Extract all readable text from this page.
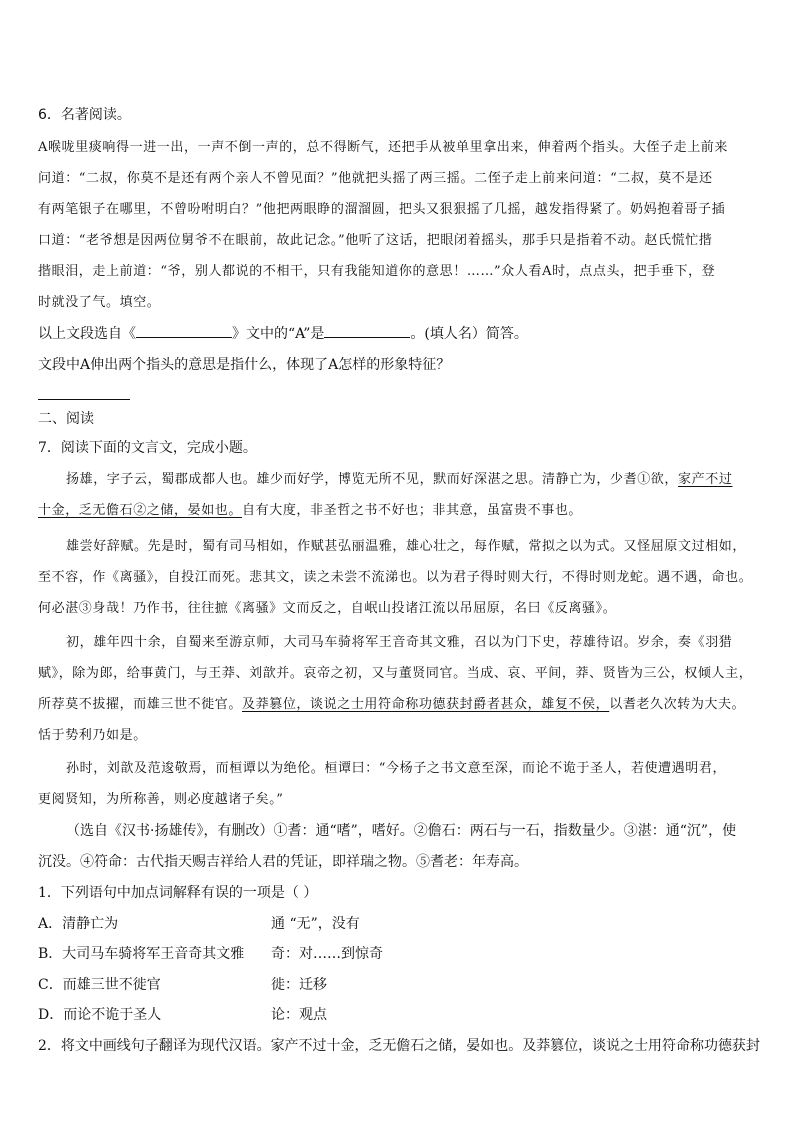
6．名著阅读。
A喉咙里痰响得一进一出，一声不倒一声的，总不得断气，还把手从被单里拿出来，伸着两个指头。大侄子走上前来
问道：“二叔，你莫不是还有两个亲人不曾见面？”他就把头摇了两三摇。二侄子走上前来问道：“二叔，莫不是还
有两笔银子在哪里，不曾吩咐明白？”他把两眼睁的溜溜圆，把头又狠狠摇了几摇，越发指得紧了。奶妈抱着哥子插
口道：“老爷想是因两位舅爷不在眼前，故此记念。”他听了这话，把眼闭着摇头，那手只是指着不动。赵氏慌忙揩
揩眼泪，走上前道：“爷，别人都说的不相干，只有我能知道你的意思！……”众人看A时，点点头，把手垂下，登
时就没了气。填空。
以上文段选自《	》文中的“A”是	。(填人名）简答。
文段中A伸出两个指头的意思是指什么，体现了A怎样的形象特征？
二、阅读
7．阅读下面的文言文，完成小题。
扬雄，字子云，蜀郡成都人也。雄少而好学，博览无所不见，默而好深湛之思。清静亡为，少耆①欲，家产不过
十金，乏无儋石②之储，晏如也。自有大度，非圣哲之书不好也；非其意，虽富贵不事也。
雄尝好辞赋。先是时，蜀有司马相如，作赋甚弘丽温雅，雄心壮之，每作赋，常拟之以为式。又怪屈原文过相如，
至不容，作《离骚》，自投江而死。悲其文，读之未尝不流涕也。以为君子得时则大行，不得时则龙蛇。遇不遇，命也。
何必湛③身哉！乃作书，往往摭《离骚》文而反之，自岷山投诸江流以吊屈原，名曰《反离骚》。
初，雄年四十余，自蜀来至游京师，大司马车骑将军王音奇其文雅，召以为门下史，荐雄待诏。岁余，奏《羽猎
赋》，除为郎，给事黄门，与王莽、刘歆并。哀帝之初，又与董贤同官。当成、哀、平间，莽、贤皆为三公，权倾人主，
所荐莫不拔擢，而雄三世不徙官。及莽篡位，谈说之士用符命称功德获封爵者甚众，雄复不侯，以耆老久次转为大夫。
恬于势利乃如是。
孙时，刘歆及范逡敬焉，而桓谭以为绝伦。桓谭曰：“今杨子之书文意至深，而论不诡于圣人，若使遭遇明君，
更阅贤知，为所称善，则必度越诸子矣。”
（选自《汉书·扬雄传》，有删改）①耆：通“嗜”，嗜好。②儋石：两石与一石，指数量少。③湛：通“沉”，使
沉没。④符命：古代指天赐吉祥给人君的凭证，即祥瑞之物。⑤耆老：年寿高。
1．下列语句中加点词解释有误的一项是（ ）
A．清静亡为	通 “无”，没有
B．大司马车骑将军王音奇其文雅 奇：对……到惊奇
C．而雄三世不徙官	徙：迁移
D．而论不诡于圣人	论：观点
2．将文中画线句子翻译为现代汉语。家产不过十金，乏无儋石之储，晏如也。及莽篡位，谈说之士用符命称功德获封
